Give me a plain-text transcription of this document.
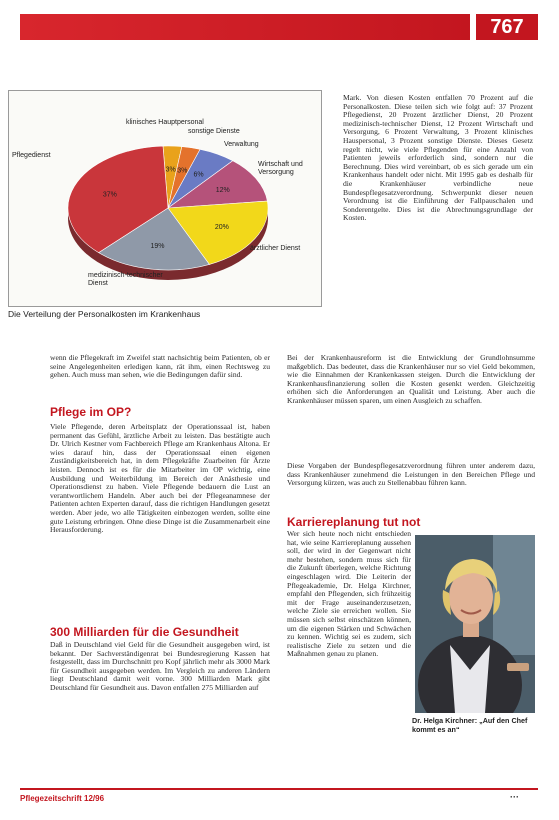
767
3% 3%
6%
12%
20%
19%
37%
klinisches Hauptpersonal
sonstige Dienste
Verwaltung
Wirtschaft und Versorgung
Pflegedienst
ärztlicher Dienst
medizinisch-technischer Dienst
Die Verteilung der Personalkosten im Krankenhaus
Mark. Von diesen Kosten entfallen 70 Prozent auf die Personalkosten. Diese teilen sich wie folgt auf: 37 Prozent Pflegedienst, 20 Prozent ärztlicher Dienst, 20 Prozent medizinisch-technischer Dienst, 12 Prozent Wirtschaft und Versorgung, 6 Prozent Verwaltung, 3 Prozent klinisches Hauspersonal, 3 Prozent sonstige Dienste. Dieses Gesetz regelt nicht, wie viele Pflegenden für eine Anzahl von Patienten jeweils erforderlich sind, sondern nur die Berechnung. Dies wird vereinbart, ob es sich gerade um ein Krankenhaus handelt oder nicht. Mit 1995 gab es deshalb für die Krankenhäuser verbindliche neue Bundespflegesatzverordnung. Schwerpunkt dieser neuen Verordnung ist die Einführung der Fallpauschalen und Sonderentgelte. Dies ist die Abrechnungsgrundlage der Kosten.
wenn die Pflegekraft im Zweifel statt nachsichtig beim Patienten, ob er seine Angelegenheiten erledigen kann, rät ihm, einen Rechtsweg zu gehen. Auch muss man sehen, wie die Bedingungen dafür sind.
Pflege im OP?
Viele Pflegende, deren Arbeitsplatz der Operationssaal ist, haben permanent das Gefühl, ärztliche Arbeit zu leisten. Das bestätigte auch Dr. Ulrich Kestner vom Fachbereich Pflege am Krankenhaus Altona. Er wies darauf hin, dass der Operationssaal einen eigenen Zuständigkeitsbereich hat, in dem Pflegekräfte Zuarbeiten für Ärzte leisten. Dennoch ist es für die Mitarbeiter im OP wichtig, eine Ausbildung und Weiterbildung im Bereich der Anästhesie und Operationsdienst zu haben. Viele Pflegende bedauern die Lust an verantwortlichem Handeln. Aber auch bei der Pflegeanamnese der Patienten achten Experten darauf, dass die richtigen Handlungen gesetzt werden. Aber jede, wo alle Tätigkeiten einbezogen werden, sollte eine gute Leistung erbringen. Ohne diese Dinge ist die Zusammenarbeit eine Herausforderung.
300 Milliarden für die Gesundheit
Daß in Deutschland viel Geld für die Gesundheit ausgegeben wird, ist bekannt. Der Sachverständigenrat bei Bundesregierung Kassen hat festgestellt, dass im Durchschnitt pro Kopf jährlich mehr als 3000 Mark für Gesundheit ausgegeben werden. Im Vergleich zu anderen Ländern liegt Deutschland damit weit vorne. 300 Milliarden Mark gibt Deutschland für Gesundheit aus. Davon entfallen 275 Milliarden auf
Bei der Krankenhausreform ist die Entwicklung der Grundlohnsumme maßgeblich. Das bedeutet, dass die Krankenhäuser nur so viel Geld bekommen, wie die Einnahmen der Krankenkassen steigen. Durch die Entwicklung der Krankenhausfinanzierung sollen die Kosten gesenkt werden. Gleichzeitig erhöhen sich die Anforderungen an Qualität und Leistung. Aber auch die Krankenhäuser müssen sparen, um einen Ausgleich zu schaffen.
Diese Vorgaben der Bundespflegesatzverordnung führen unter anderem dazu, dass Krankenhäuser zunehmend die Leistungen in den Bereichen Pflege und Versorgung kürzen, was auch zu Stellenabbau führen kann.
Karriereplanung tut not
Wer sich heute noch nicht entschieden hat, wie seine Karriereplanung aussehen soll, der wird in der Gegenwart nicht mehr bestehen, sondern muss sich für die Zukunft überlegen, welche Richtung eingeschlagen wird. Die Leiterin der Pflegeakademie, Dr. Helga Kirchner, empfahl den Pflegenden, sich frühzeitig mit der Frage auseinanderzusetzen, welche Ziele sie erreichen wollen. Sie müssen sich selbst einschätzen können, um die eigenen Stärken und Schwächen zu kennen. Wichtig sei es zudem, sich realistische Ziele zu setzen und die Maßnahmen genau zu planen.
Dr. Helga Kirchner: „Auf den Chef kommt es an“
Pflegezeitschrift 12/96	···
